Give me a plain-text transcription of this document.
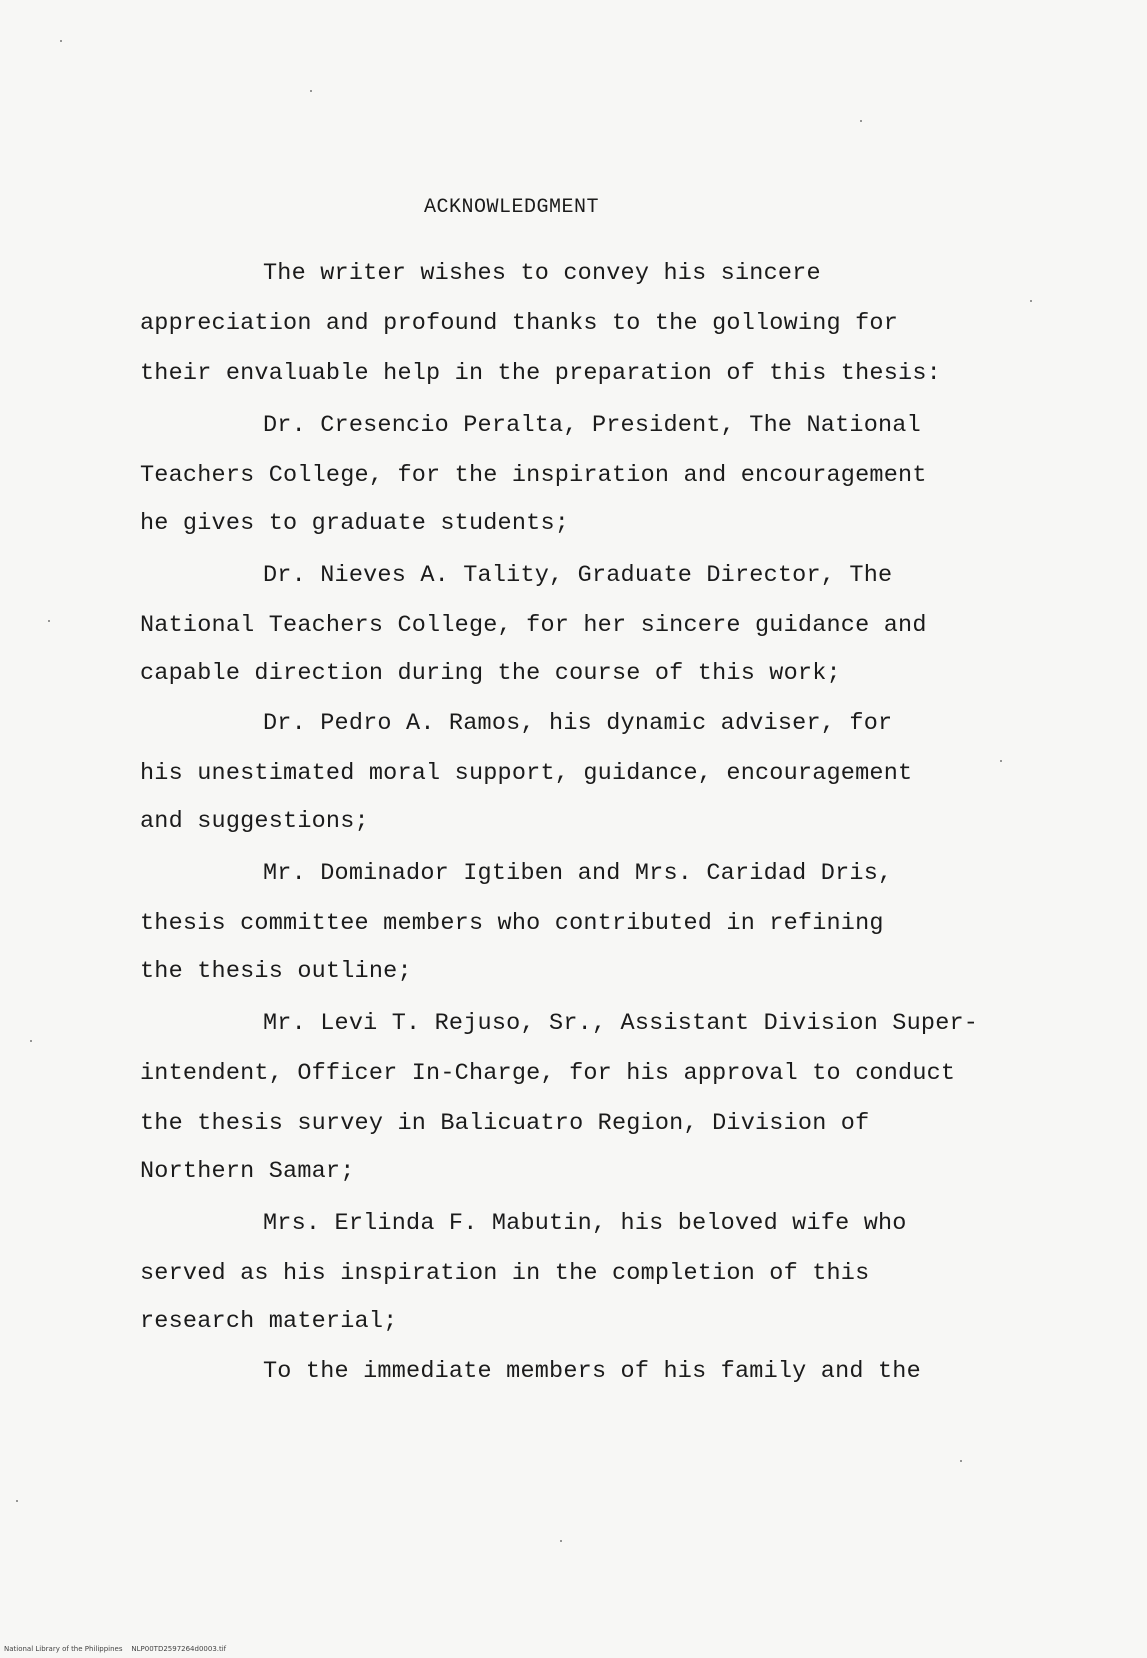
ACKNOWLEDGMENT
The writer wishes to convey his sincere
appreciation and profound thanks to the gollowing for
their envaluable help in the preparation of this thesis:
Dr. Cresencio Peralta, President, The National
Teachers College, for the inspiration and encouragement
he gives to graduate students;
Dr. Nieves A. Tality, Graduate Director, The
National Teachers College, for her sincere guidance and
capable direction during the course of this work;
Dr. Pedro A. Ramos, his dynamic adviser, for
his unestimated moral support, guidance, encouragement
and suggestions;
Mr. Dominador Igtiben and Mrs. Caridad Dris,
thesis committee members who contributed in refining
the thesis outline;
Mr. Levi T. Rejuso, Sr., Assistant Division Super-
intendent, Officer In-Charge, for his approval to conduct
the thesis survey in Balicuatro Region, Division of
Northern Samar;
Mrs. Erlinda F. Mabutin, his beloved wife who
served as his inspiration in the completion of this
research material;
To the immediate members of his family and the
National Library of the Philippines NLP00TD2597264d0003.tif
